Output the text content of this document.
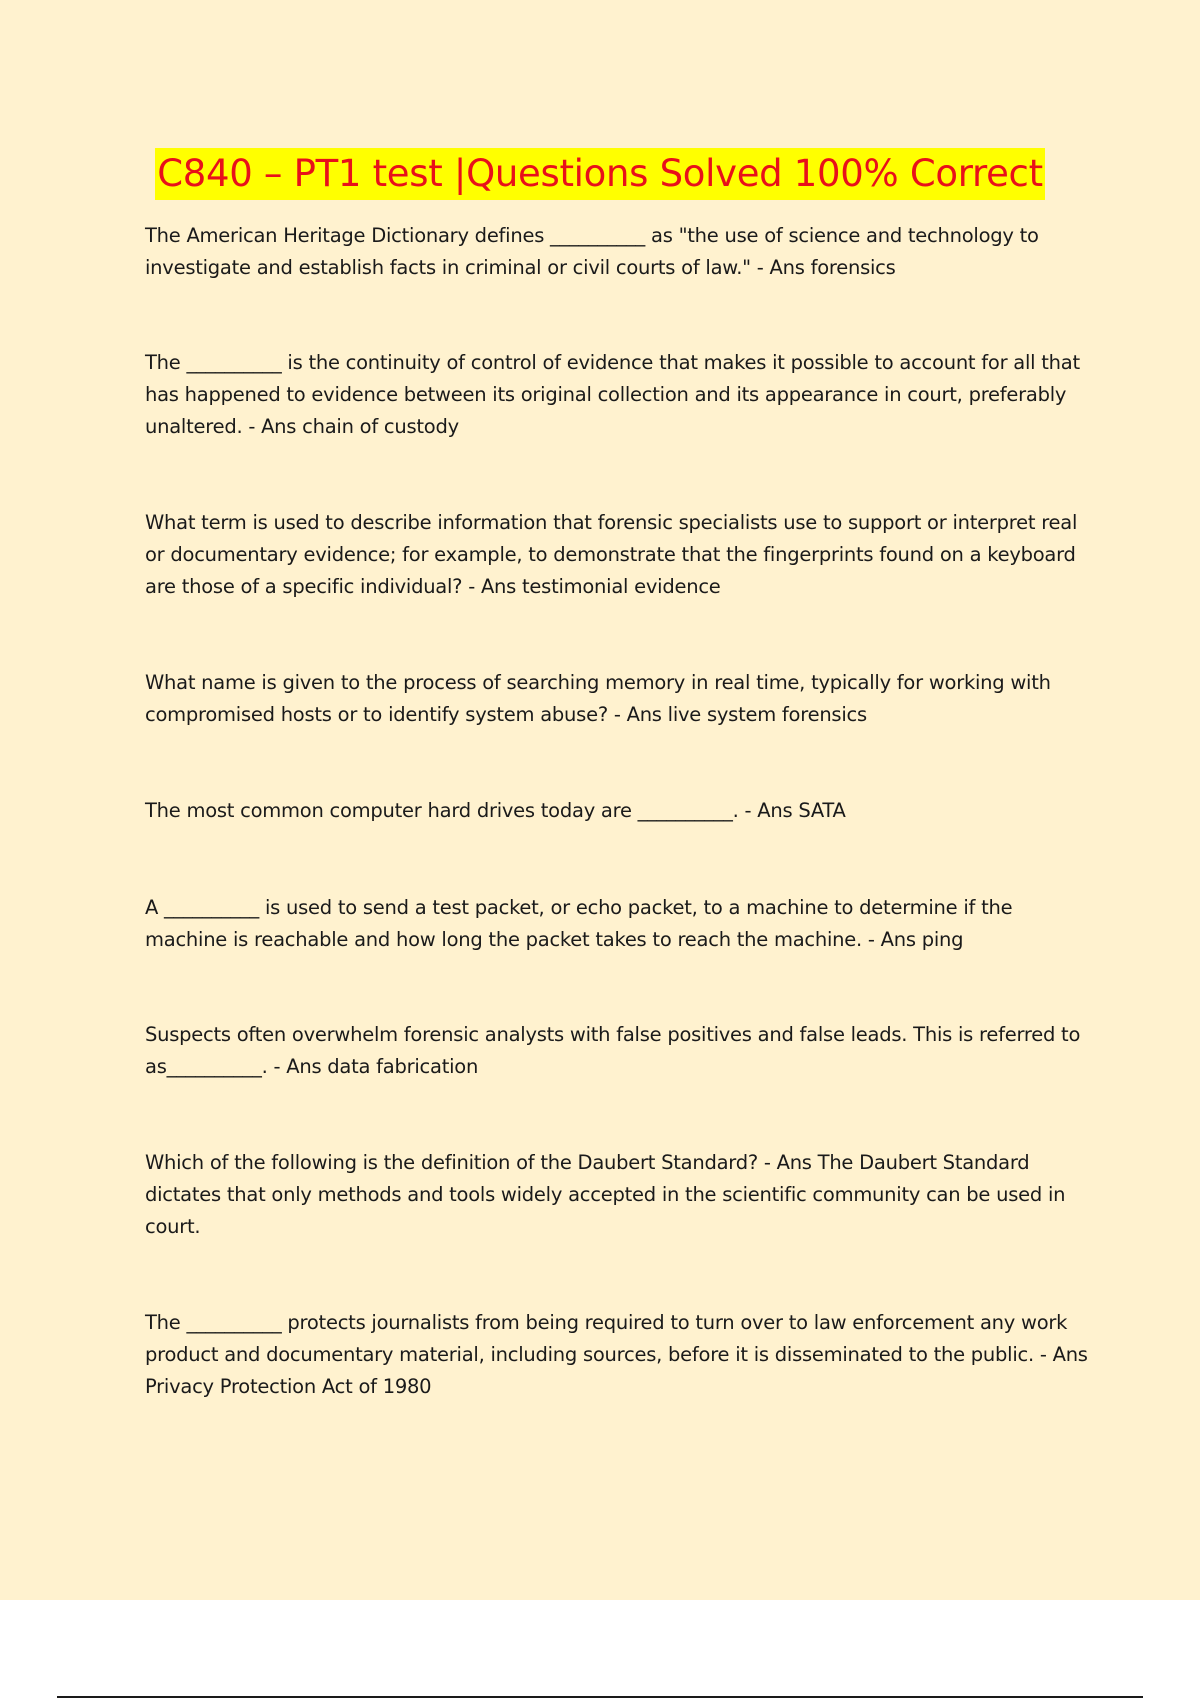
C840 – PT1 test |Questions Solved 100% Correct

The American Heritage Dictionary defines __________ as "the use of science and technology to investigate and establish facts in criminal or civil courts of law." - Ans forensics

The __________ is the continuity of control of evidence that makes it possible to account for all that has happened to evidence between its original collection and its appearance in court, preferably unaltered. - Ans chain of custody

What term is used to describe information that forensic specialists use to support or interpret real or documentary evidence; for example, to demonstrate that the fingerprints found on a keyboard are those of a specific individual? - Ans testimonial evidence

What name is given to the process of searching memory in real time, typically for working with compromised hosts or to identify system abuse? - Ans live system forensics

The most common computer hard drives today are __________. - Ans SATA

A __________ is used to send a test packet, or echo packet, to a machine to determine if the machine is reachable and how long the packet takes to reach the machine. - Ans ping

Suspects often overwhelm forensic analysts with false positives and false leads. This is referred to as__________. - Ans data fabrication

Which of the following is the definition of the Daubert Standard? - Ans The Daubert Standard dictates that only methods and tools widely accepted in the scientific community can be used in court.

The __________ protects journalists from being required to turn over to law enforcement any work product and documentary material, including sources, before it is disseminated to the public. - Ans Privacy Protection Act of 1980
